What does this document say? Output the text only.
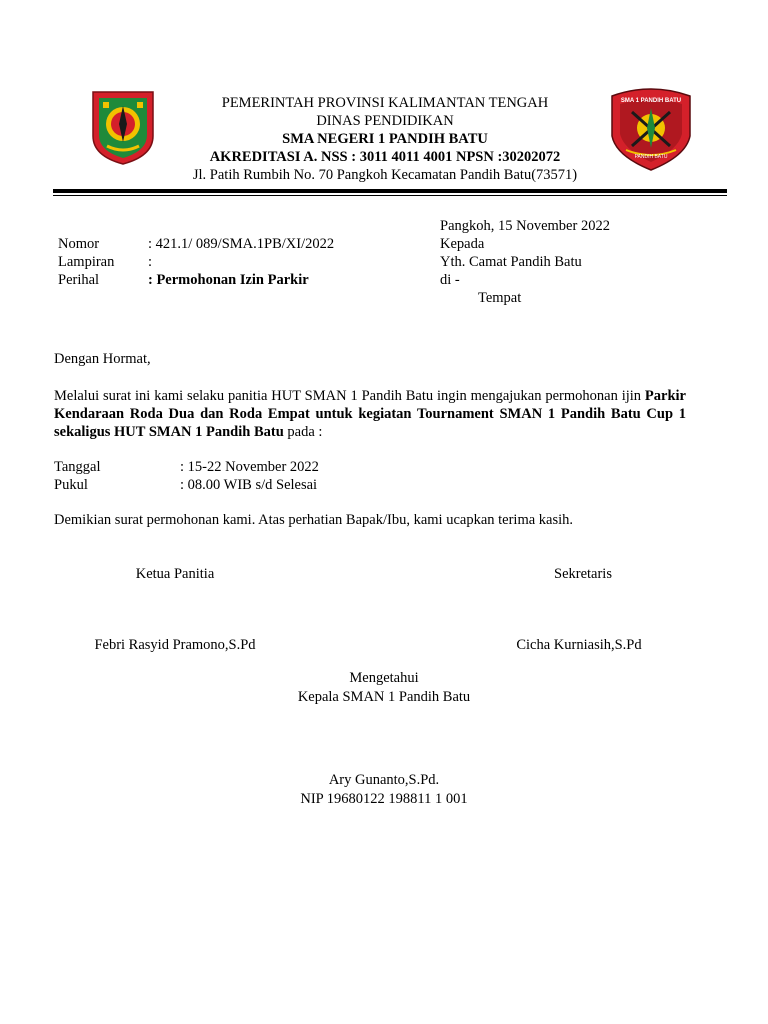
PEMERINTAH PROVINSI KALIMANTAN TENGAH
DINAS PENDIDIKAN
SMA NEGERI 1 PANDIH BATU
AKREDITASI A. NSS : 3011 4011 4001 NPSN :30202072
Jl. Patih Rumbih No. 70 Pangkoh Kecamatan Pandih Batu(73571)
SMA 1 PANDIH BATU
PANDIH BATU
Nomor	: 421.1/ 089/SMA.1PB/XI/2022
Lampiran :
Perihal	: Permohonan Izin Parkir
Pangkoh, 15 November 2022
Kepada
Yth. Camat Pandih Batu
di -
Tempat
Dengan Hormat,
Melalui surat ini kami selaku panitia HUT SMAN 1 Pandih Batu ingin mengajukan permohonan ijin Parkir Kendaraan Roda Dua dan Roda Empat untuk kegiatan Tournament SMAN 1 Pandih Batu Cup 1 sekaligus HUT SMAN 1 Pandih Batu pada :
Tanggal	: 15-22 November 2022
Pukul	: 08.00 WIB s/d Selesai
Demikian surat permohonan kami. Atas perhatian Bapak/Ibu, kami ucapkan terima kasih.
Ketua Panitia
Febri Rasyid Pramono,S.Pd
Sekretaris
Cicha Kurniasih,S.Pd
Mengetahui
Kepala SMAN 1 Pandih Batu
Ary Gunanto,S.Pd.
NIP 19680122 198811 1 001
